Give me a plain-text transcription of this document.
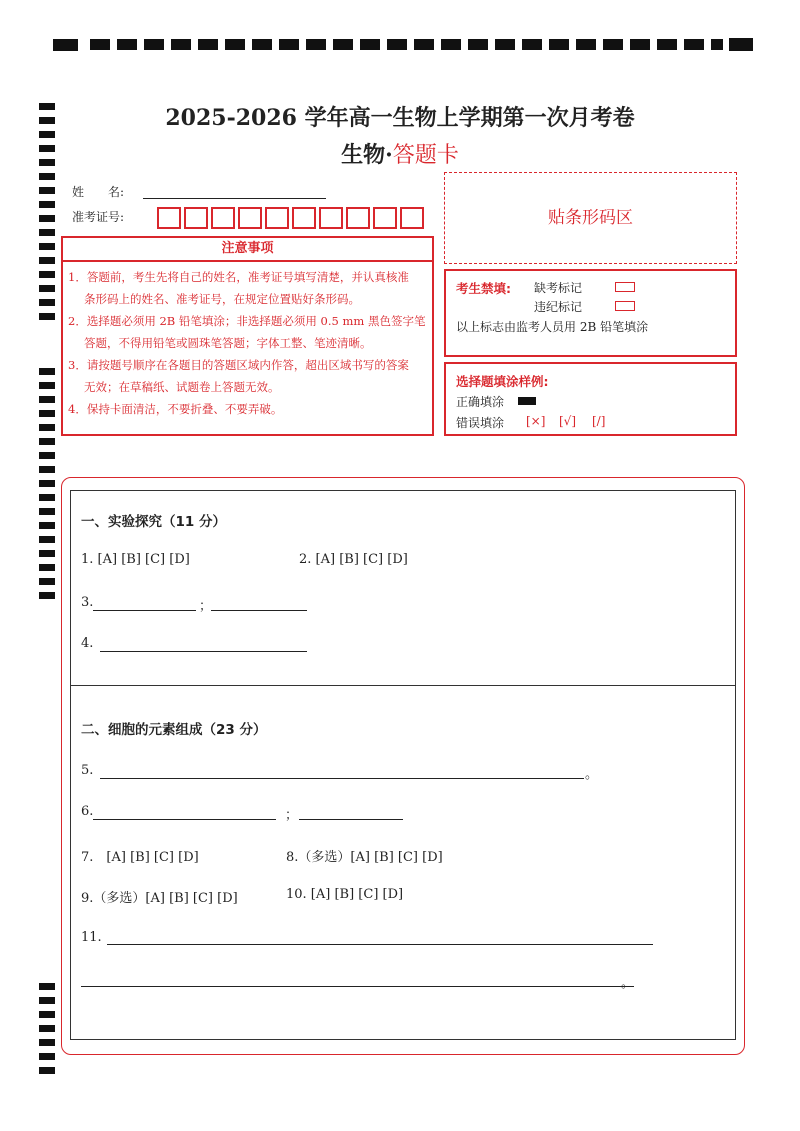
2025-2026 学年高一生物上学期第一次月考卷
生物·答题卡
姓　　名:
准考证号:	贴条形码区
注意事项

1．答题前，考生先将自己的姓名，准考证号填写清楚，并认真核准

条形码上的姓名、准考证号，在规定位置贴好条形码。

2．选择题必须用 2B 铅笔填涂；非选择题必须用 0.5 mm 黑色签字笔

答题，不得用铅笔或圆珠笔答题；字体工整、笔迹清晰。

3．请按题号顺序在各题目的答题区域内作答，超出区域书写的答案

无效；在草稿纸、试题卷上答题无效。

4．保持卡面清洁，不要折叠、不要弄破。

考生禁填: 缺考标记
违纪标记
以上标志由监考人员用 2B 铅笔填涂
选择题填涂样例:
正确填涂
错误填涂 [×] [√] [/]
一、实验探究（11 分）
1. [A] [B] [C] [D]	2. [A] [B] [C] [D]
3.	；
4.
二、细胞的元素组成（23 分）
5.	。
6.	；
7.　[A] [B] [C] [D]	8.（多选）[A] [B] [C] [D]
9.（多选）[A] [B] [C] [D]	10. [A] [B] [C] [D]
11.
。
